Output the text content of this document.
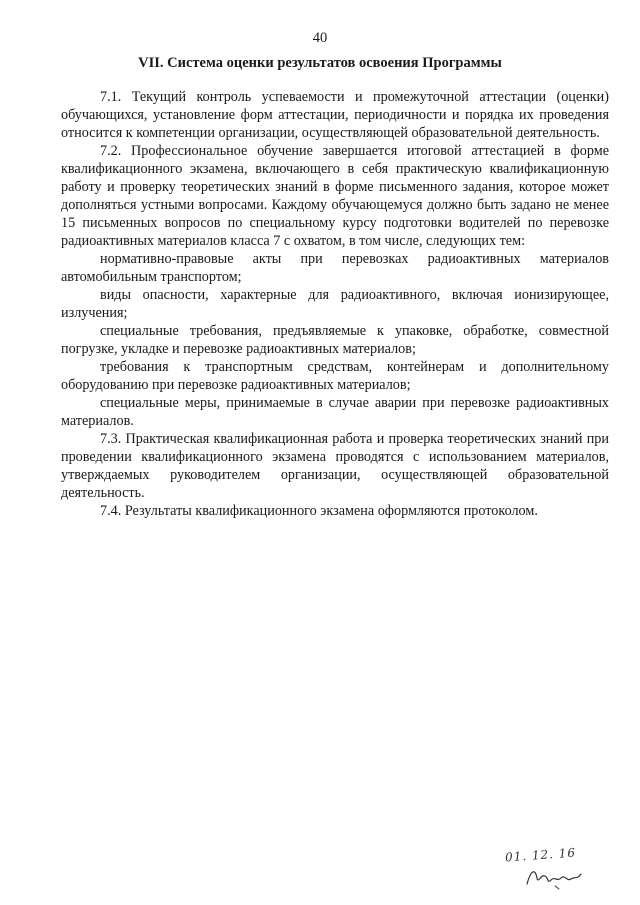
40
VII. Система оценки результатов освоения Программы

7.1. Текущий контроль успеваемости и промежуточной аттестации (оценки) обучающихся, установление форм аттестации, периодичности и порядка их проведения относится к компетенции организации, осуществляющей образовательной деятельность.

7.2. Профессиональное обучение завершается итоговой аттестацией в форме квалификационного экзамена, включающего в себя практическую квалификационную работу и проверку теоретических знаний в форме письменного задания, которое может дополняться устными вопросами. Каждому обучающемуся должно быть задано не менее 15 письменных вопросов по специальному курсу подготовки водителей по перевозке радиоактивных материалов класса 7 с охватом, в том числе, следующих тем:

нормативно-правовые акты при перевозках радиоактивных материалов автомобильным транспортом;

виды опасности, характерные для радиоактивного, включая ионизирующее, излучения;

специальные требования, предъявляемые к упаковке, обработке, совместной погрузке, укладке и перевозке радиоактивных материалов;

требования к транспортным средствам, контейнерам и дополнительному оборудованию при перевозке радиоактивных материалов;

специальные меры, принимаемые в случае аварии при перевозке радиоактивных материалов.

7.3. Практическая квалификационная работа и проверка теоретических знаний при проведении квалификационного экзамена проводятся с использованием материалов, утверждаемых руководителем организации, осуществляющей образовательной деятельность.

7.4. Результаты квалификационного экзамена оформляются протоколом.

01. 12. 16
